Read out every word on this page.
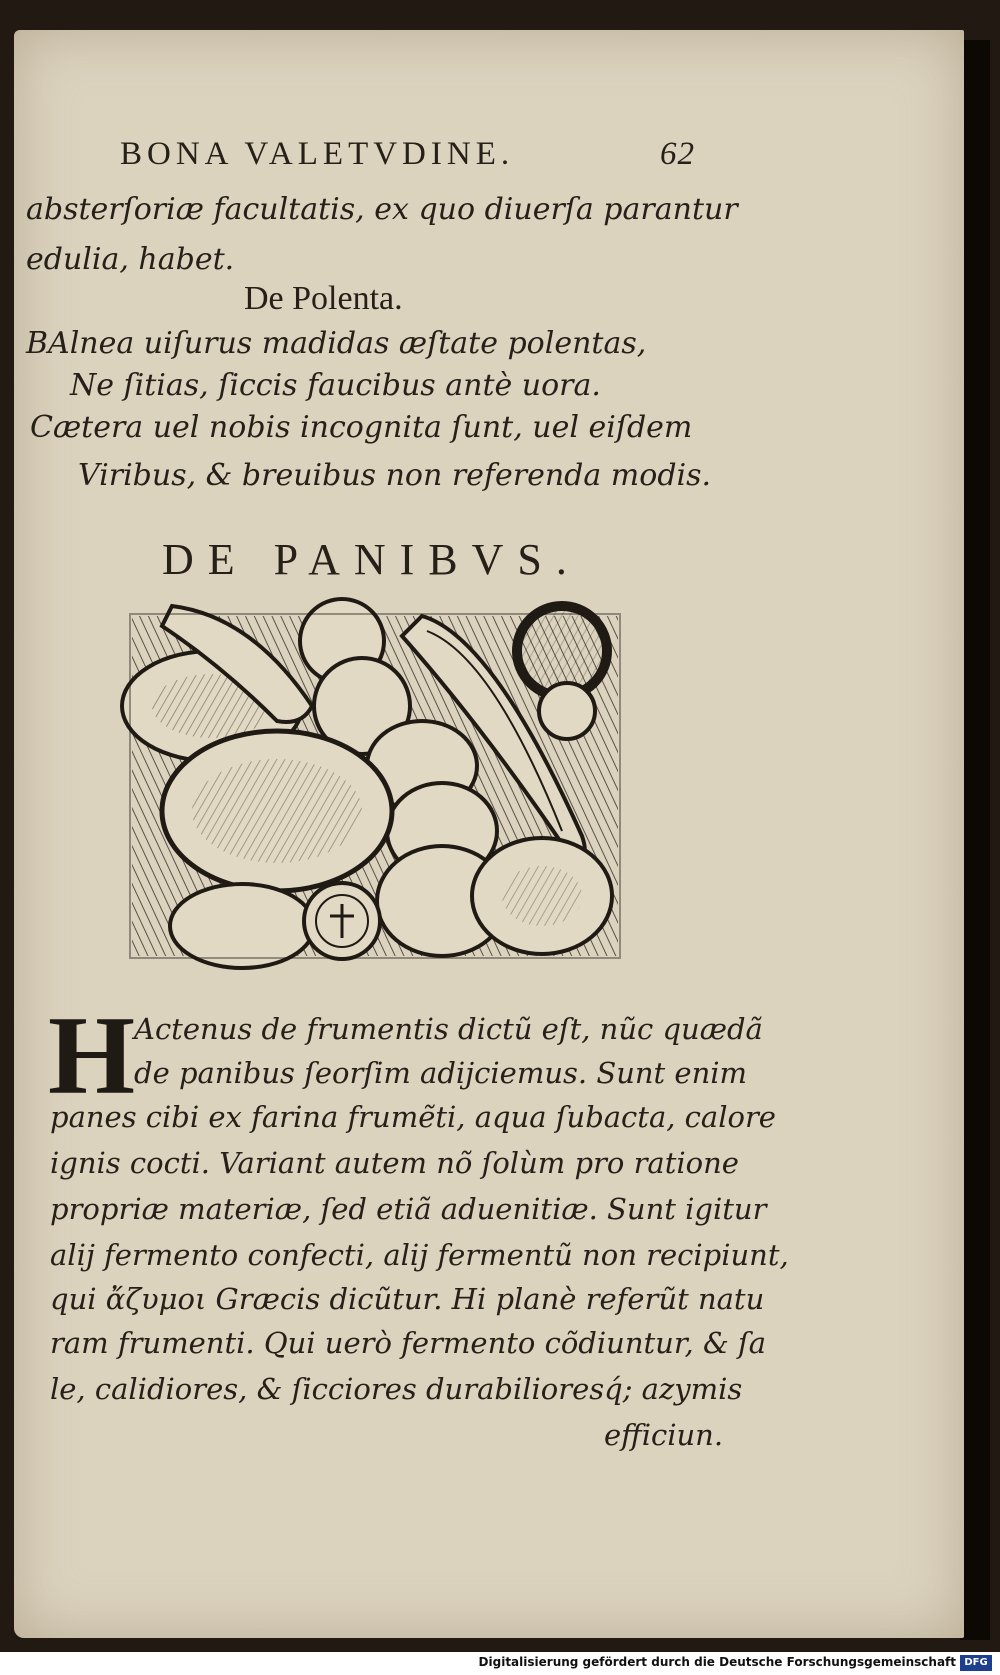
BONA VALETVDINE.	62
absterſoriæ facultatis, ex quo diuerſa parantur
edulia, habet.
De Polenta.
BAlnea uiſurus madidas æſtate polentas,
Ne ſitias, ſiccis faucibus antè uora.
Cætera uel nobis incognita ſunt, uel eiſdem
Viribus, & breuibus non referenda modis.
DE PANIBVS.
H
Actenus de frumentis dictũ eſt, nũc quædã
de panibus ſeorſim adijciemus. Sunt enim
panes cibi ex farina frumẽti, aqua ſubacta, calore
ignis cocti. Variant autem nõ ſolùm pro ratione
propriæ materiæ, ſed etiã aduenitiæ. Sunt igitur
alij fermento confecti, alij fermentũ non recipiunt,
qui ἄζυμοι Græcis dicũtur. Hi planè referũt natu
ram frumenti. Qui uerò fermento cõdiuntur, & ſa
le, calidiores, & ſicciores durabilioresq́; azymis
efficiun.
Digitalisierung gefördert durch die Deutsche Forschungsgemeinschaft DFG
